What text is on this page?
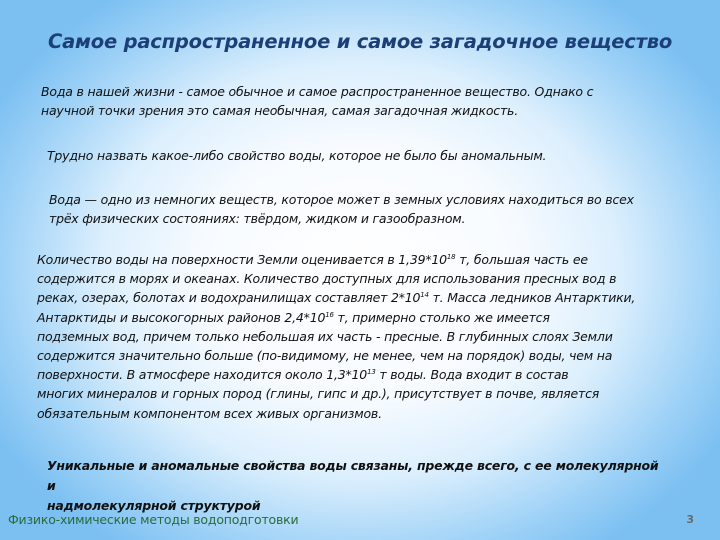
Самое распространенное и самое загадочное вещество
Вода в нашей жизни - самое обычное и самое распространенное вещество. Однако с
научной точки зрения это самая необычная, самая загадочная жидкость.
Трудно назвать какое-либо свойство воды, которое не было бы аномальным.
Вода — одно из немногих веществ, которое может в земных условиях находиться во всех
трёх физических состояниях: твёрдом, жидком и газообразном.
Количество воды на поверхности Земли оценивается в $1,39*10^{18}$ т, большая часть ее
содержится в морях и океанах. Количество доступных для использования пресных вод в
реках, озерах, болотах и водохранилищах составляет $2*10^{14}$ т. Масса ледников Антарктики,
Антарктиды и высокогорных районов $2,4*10^{16}$ т, примерно столько же имеется
подземных вод, причем только небольшая их часть - пресные. В глубинных слоях Земли
содержится значительно больше (по-видимому, не менее, чем на порядок) воды, чем на
поверхности. В атмосфере находится около $1,3*10^{13}$ т воды. Вода входит в состав
многих минералов и горных пород (глины, гипс и др.), присутствует в почве, является
обязательным компонентом всех живых организмов.
Уникальные и аномальные свойства воды связаны, прежде всего, с ее молекулярной и
надмолекулярной структурой
Физико-химические методы водоподготовки	3
